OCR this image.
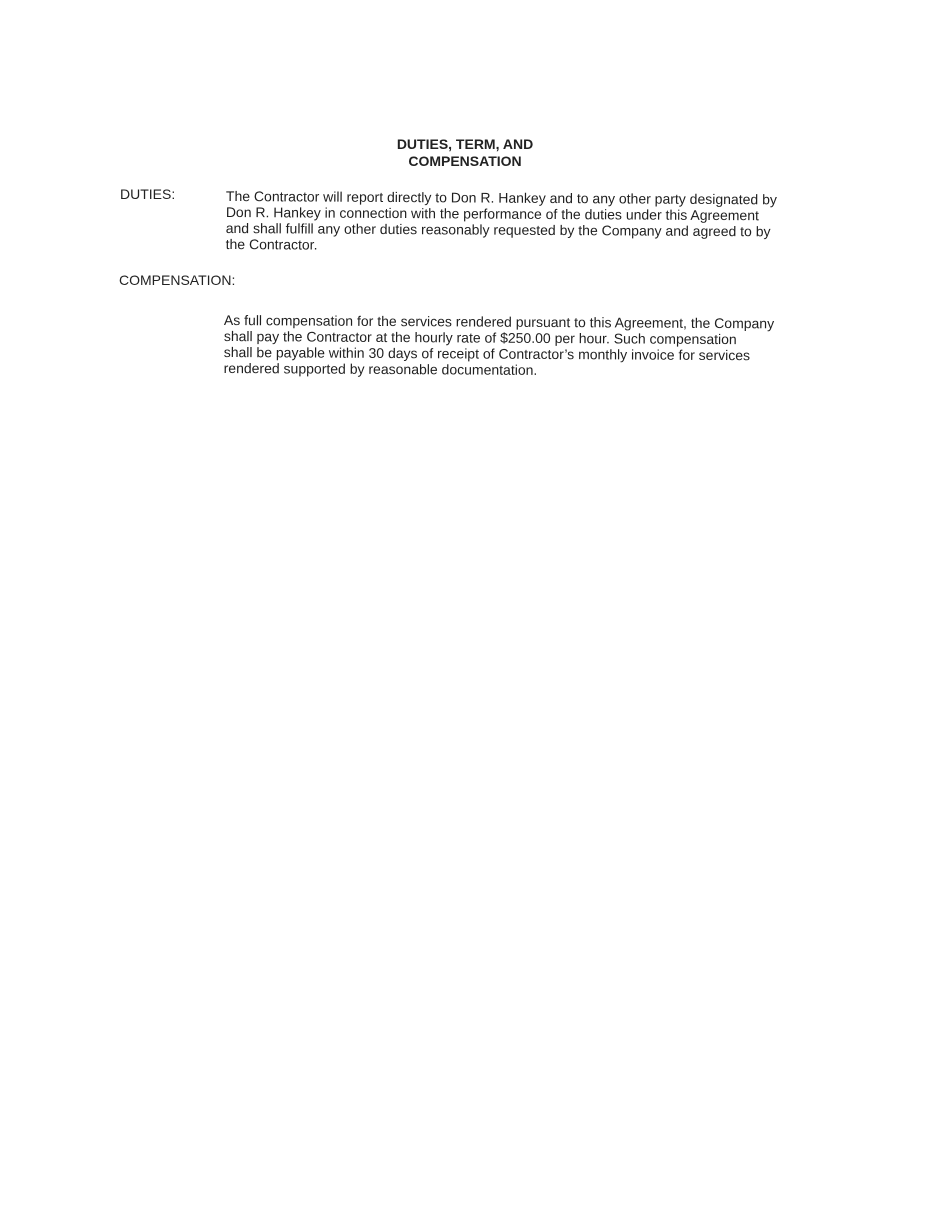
DUTIES, TERM, AND
COMPENSATION
DUTIES:	The Contractor will report directly to Don R. Hankey and to any other party designated by
Don R. Hankey in connection with the performance of the duties under this Agreement
and shall fulfill any other duties reasonably requested by the Company and agreed to by
the Contractor.
COMPENSATION:
As full compensation for the services rendered pursuant to this Agreement, the Company
shall pay the Contractor at the hourly rate of $250.00 per hour. Such compensation
shall be payable within 30 days of receipt of Contractor’s monthly invoice for services
rendered supported by reasonable documentation.
